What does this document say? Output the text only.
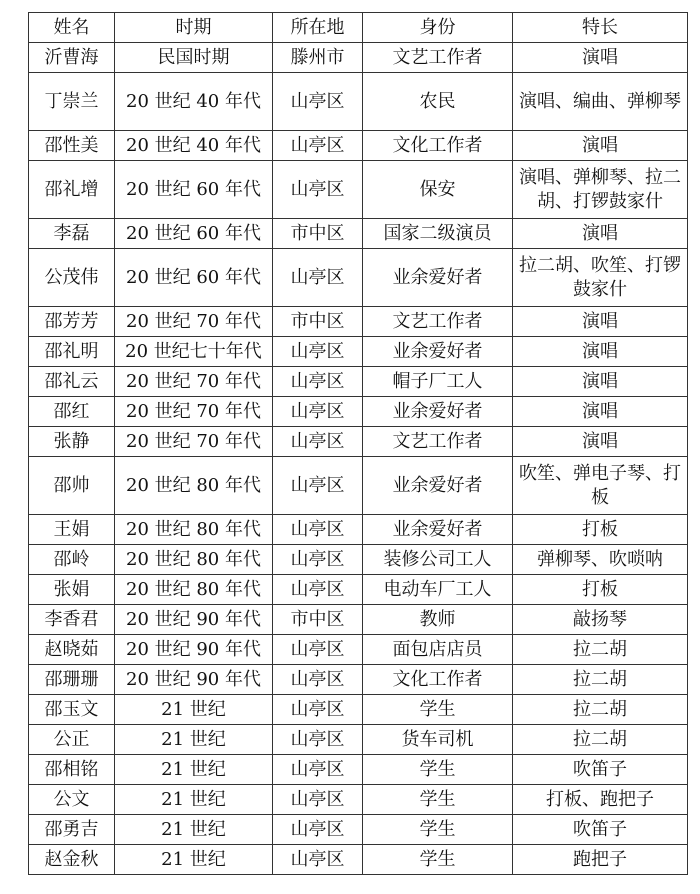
姓名	时期	所在地	身份	特长
沂曹海	民国时期	滕州市	文艺工作者	演唱
丁崇兰	20 世纪 40 年代	山亭区	农民	演唱、编曲、弹柳琴
邵性美	20 世纪 40 年代	山亭区	文化工作者	演唱
邵礼增	20 世纪 60 年代	山亭区	保安	演唱、弹柳琴、拉二胡、打锣鼓家什
李磊	20 世纪 60 年代	市中区	国家二级演员	演唱
公茂伟	20 世纪 60 年代	山亭区	业余爱好者	拉二胡、吹笙、打锣鼓家什
邵芳芳	20 世纪 70 年代	市中区	文艺工作者	演唱
邵礼明	20 世纪七十年代	山亭区	业余爱好者	演唱
邵礼云	20 世纪 70 年代	山亭区	帽子厂工人	演唱
邵红	20 世纪 70 年代	山亭区	业余爱好者	演唱
张静	20 世纪 70 年代	山亭区	文艺工作者	演唱
邵帅	20 世纪 80 年代	山亭区	业余爱好者	吹笙、弹电子琴、打板
王娟	20 世纪 80 年代	山亭区	业余爱好者	打板
邵岭	20 世纪 80 年代	山亭区	装修公司工人	弹柳琴、吹唢呐
张娟	20 世纪 80 年代	山亭区	电动车厂工人	打板
李香君	20 世纪 90 年代	市中区	教师	敲扬琴
赵晓茹	20 世纪 90 年代	山亭区	面包店店员	拉二胡
邵珊珊	20 世纪 90 年代	山亭区	文化工作者	拉二胡
邵玉文	21 世纪	山亭区	学生	拉二胡
公正	21 世纪	山亭区	货车司机	拉二胡
邵相铭	21 世纪	山亭区	学生	吹笛子
公文	21 世纪	山亭区	学生	打板、跑把子
邵勇吉	21 世纪	山亭区	学生	吹笛子
赵金秋	21 世纪	山亭区	学生	跑把子
